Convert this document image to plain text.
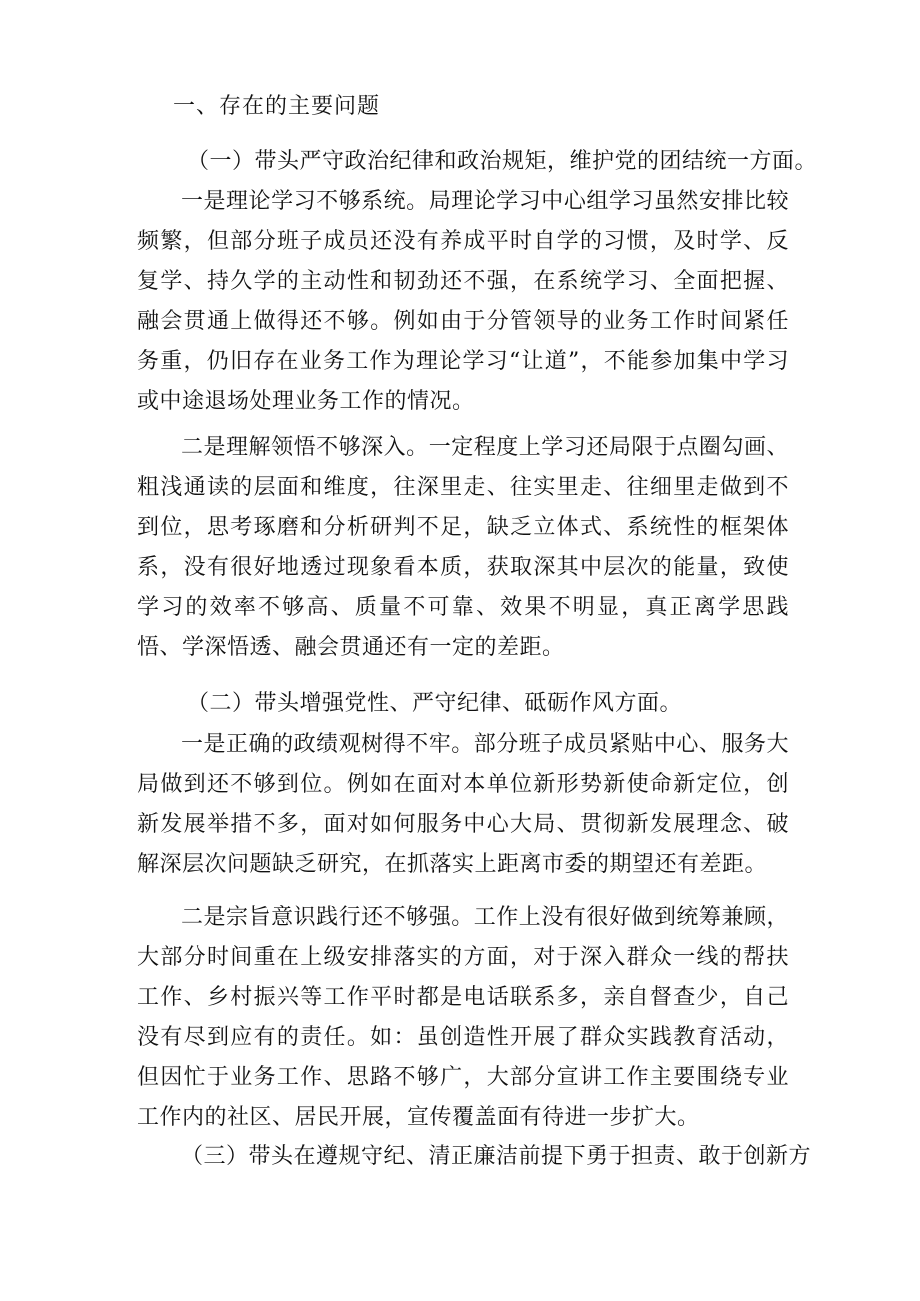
一、存在的主要问题
（一）带头严守政治纪律和政治规矩，维护党的团结统一方面。
一是理论学习不够系统。局理论学习中心组学习虽然安排比较频繁，但部分班子成员还没有养成平时自学的习惯，及时学、反复学、持久学的主动性和韧劲还不强，在系统学习、全面把握、融会贯通上做得还不够。例如由于分管领导的业务工作时间紧任务重，仍旧存在业务工作为理论学习“让道”，不能参加集中学习或中途退场处理业务工作的情况。
二是理解领悟不够深入。一定程度上学习还局限于点圈勾画、粗浅通读的层面和维度，往深里走、往实里走、往细里走做到不到位，思考琢磨和分析研判不足，缺乏立体式、系统性的框架体系，没有很好地透过现象看本质，获取深其中层次的能量，致使学习的效率不够高、质量不可靠、效果不明显，真正离学思践悟、学深悟透、融会贯通还有一定的差距。
（二）带头增强党性、严守纪律、砥砺作风方面。
一是正确的政绩观树得不牢。部分班子成员紧贴中心、服务大局做到还不够到位。例如在面对本单位新形势新使命新定位，创新发展举措不多，面对如何服务中心大局、贯彻新发展理念、破解深层次问题缺乏研究，在抓落实上距离市委的期望还有差距。
二是宗旨意识践行还不够强。工作上没有很好做到统筹兼顾，大部分时间重在上级安排落实的方面，对于深入群众一线的帮扶工作、乡村振兴等工作平时都是电话联系多，亲自督查少，自己没有尽到应有的责任。如：虽创造性开展了群众实践教育活动，但因忙于业务工作、思路不够广，大部分宣讲工作主要围绕专业工作内的社区、居民开展，宣传覆盖面有待进一步扩大。
（三）带头在遵规守纪、清正廉洁前提下勇于担责、敢于创新方
